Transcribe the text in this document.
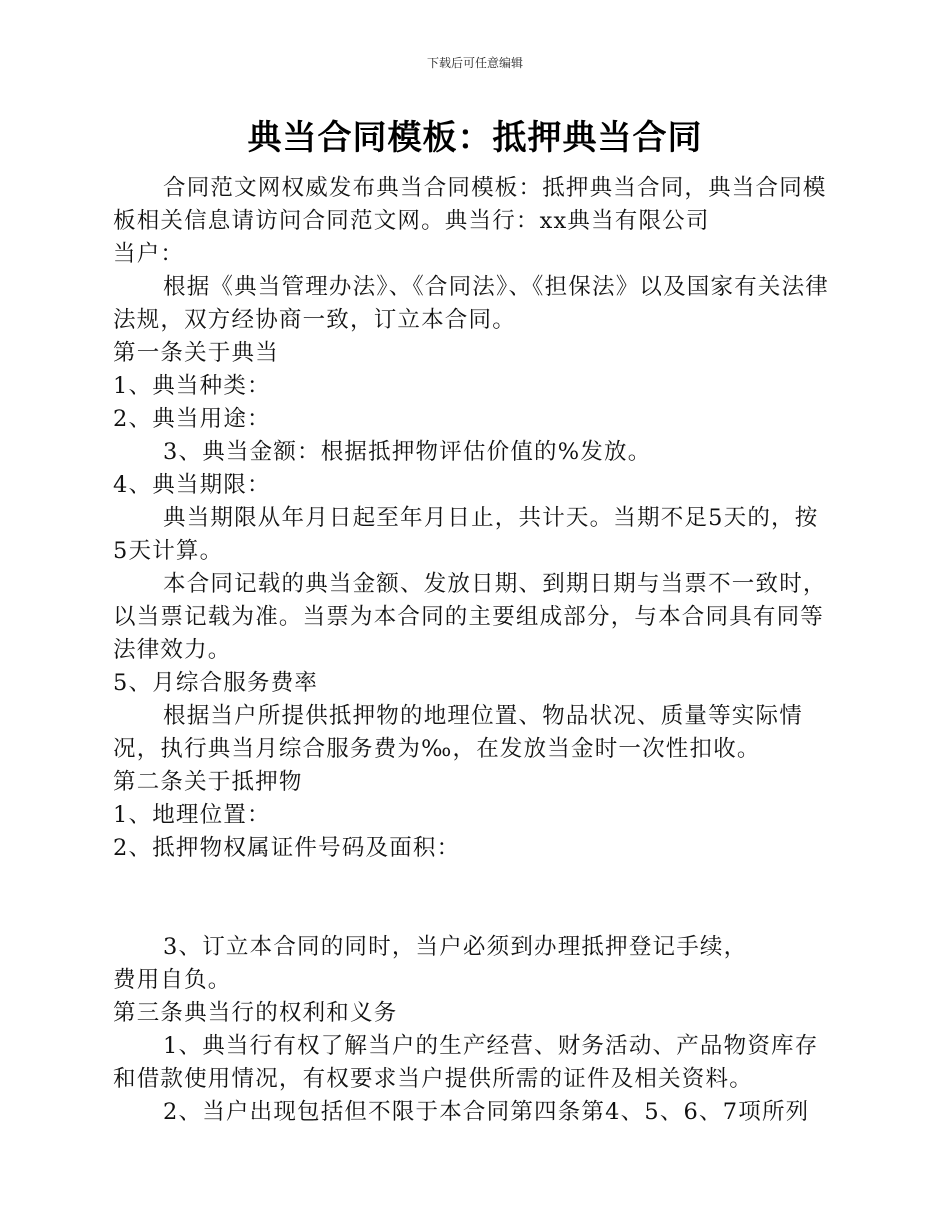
下载后可任意编辑
典当合同模板：抵押典当合同

合同范文网权威发布典当合同模板：抵押典当合同，典当合同模板相关信息请访问合同范文网。典当行：xx典当有限公司

当户：

根据《典当管理办法》、《合同法》、《担保法》以及国家有关法律法规，双方经协商一致，订立本合同。

第一条关于典当

1、典当种类：

2、典当用途：

3、典当金额：根据抵押物评估价值的%发放。

4、典当期限：

典当期限从年月日起至年月日止，共计天。当期不足5天的，按5天计算。

本合同记载的典当金额、发放日期、到期日期与当票不一致时，以当票记载为准。当票为本合同的主要组成部分，与本合同具有同等法律效力。

5、月综合服务费率

根据当户所提供抵押物的地理位置、物品状况、质量等实际情况，执行典当月综合服务费为‰，在发放当金时一次性扣收。

第二条关于抵押物

1、地理位置：

2、抵押物权属证件号码及面积：

3、订立本合同的同时，当户必须到办理抵押登记手续，

费用自负。

第三条典当行的权利和义务

1、典当行有权了解当户的生产经营、财务活动、产品物资库存和借款使用情况，有权要求当户提供所需的证件及相关资料。

2、当户出现包括但不限于本合同第四条第4、5、6、7项所列
